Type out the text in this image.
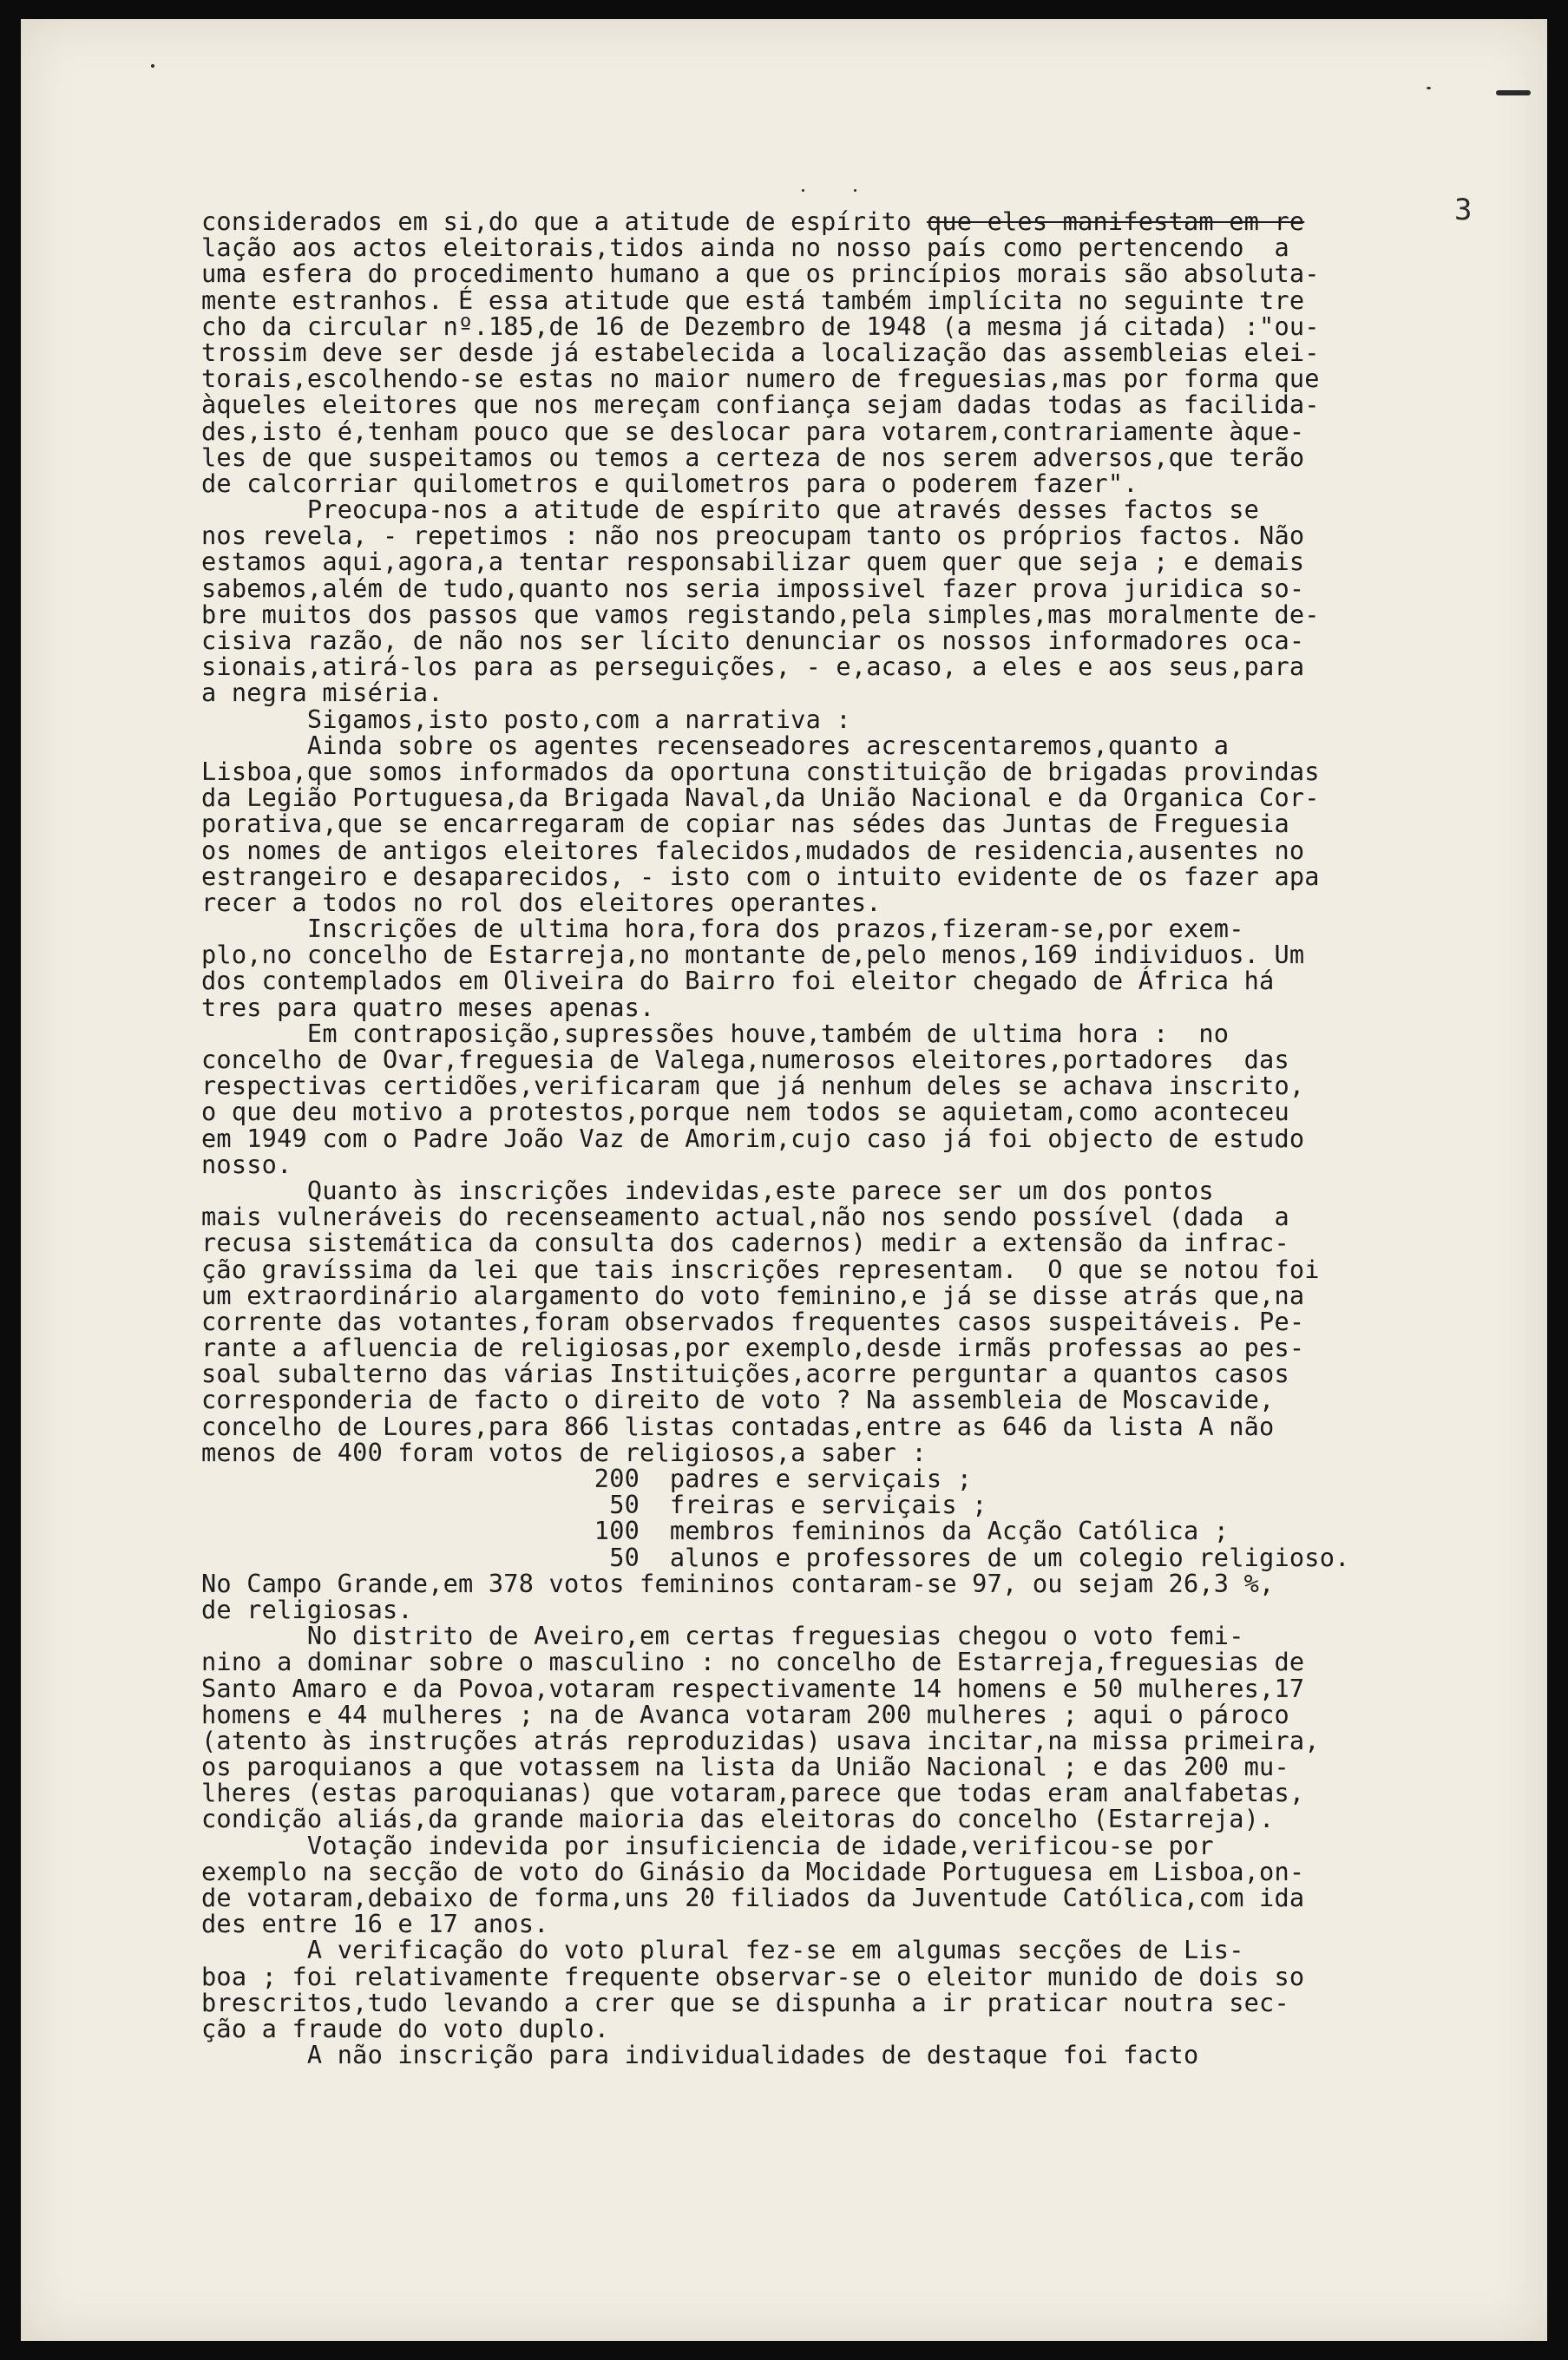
3
considerados em si,do que a atitude de espírito que eles manifestam em re
lação aos actos eleitorais,tidos ainda no nosso país como pertencendo  a
uma esfera do procedimento humano a que os princípios morais são absoluta-
mente estranhos. É essa atitude que está também implícita no seguinte tre
cho da circular nº.185,de 16 de Dezembro de 1948 (a mesma já citada) :"ou-
trossim deve ser desde já estabelecida a localização das assembleias elei-
torais,escolhendo-se estas no maior numero de freguesias,mas por forma que
àqueles eleitores que nos mereçam confiança sejam dadas todas as facilida-
des,isto é,tenham pouco que se deslocar para votarem,contrariamente àque-
les de que suspeitamos ou temos a certeza de nos serem adversos,que terão
de calcorriar quilometros e quilometros para o poderem fazer".
Preocupa-nos a atitude de espírito que através desses factos se
nos revela, - repetimos : não nos preocupam tanto os próprios factos. Não
estamos aqui,agora,a tentar responsabilizar quem quer que seja ; e demais
sabemos,além de tudo,quanto nos seria impossivel fazer prova juridica so-
bre muitos dos passos que vamos registando,pela simples,mas moralmente de-
cisiva razão, de não nos ser lícito denunciar os nossos informadores oca-
sionais,atirá-los para as perseguições, - e,acaso, a eles e aos seus,para
a negra miséria.
Sigamos,isto posto,com a narrativa :
Ainda sobre os agentes recenseadores acrescentaremos,quanto a
Lisboa,que somos informados da oportuna constituição de brigadas provindas
da Legião Portuguesa,da Brigada Naval,da União Nacional e da Organica Cor-
porativa,que se encarregaram de copiar nas sédes das Juntas de Freguesia
os nomes de antigos eleitores falecidos,mudados de residencia,ausentes no
estrangeiro e desaparecidos, - isto com o intuito evidente de os fazer apa
recer a todos no rol dos eleitores operantes.
Inscrições de ultima hora,fora dos prazos,fizeram-se,por exem-
plo,no concelho de Estarreja,no montante de,pelo menos,169 individuos. Um
dos contemplados em Oliveira do Bairro foi eleitor chegado de África há
tres para quatro meses apenas.
Em contraposição,supressões houve,também de ultima hora :  no
concelho de Ovar,freguesia de Valega,numerosos eleitores,portadores  das
respectivas certidões,verificaram que já nenhum deles se achava inscrito,
o que deu motivo a protestos,porque nem todos se aquietam,como aconteceu
em 1949 com o Padre João Vaz de Amorim,cujo caso já foi objecto de estudo
nosso.
Quanto às inscrições indevidas,este parece ser um dos pontos
mais vulneráveis do recenseamento actual,não nos sendo possível (dada  a
recusa sistemática da consulta dos cadernos) medir a extensão da infrac-
ção gravíssima da lei que tais inscrições representam.  O que se notou foi
um extraordinário alargamento do voto feminino,e já se disse atrás que,na
corrente das votantes,foram observados frequentes casos suspeitáveis. Pe-
rante a afluencia de religiosas,por exemplo,desde irmãs professas ao pes-
soal subalterno das várias Instituições,acorre perguntar a quantos casos
corresponderia de facto o direito de voto ? Na assembleia de Moscavide,
concelho de Loures,para 866 listas contadas,entre as 646 da lista A não
menos de 400 foram votos de religiosos,a saber :
200  padres e serviçais ;
50  freiras e serviçais ;
100  membros femininos da Acção Católica ;
50  alunos e professores de um colegio religioso.
No Campo Grande,em 378 votos femininos contaram-se 97, ou sejam 26,3 %,
de religiosas.
No distrito de Aveiro,em certas freguesias chegou o voto femi-
nino a dominar sobre o masculino : no concelho de Estarreja,freguesias de
Santo Amaro e da Povoa,votaram respectivamente 14 homens e 50 mulheres,17
homens e 44 mulheres ; na de Avanca votaram 200 mulheres ; aqui o pároco
(atento às instruções atrás reproduzidas) usava incitar,na missa primeira,
os paroquianos a que votassem na lista da União Nacional ; e das 200 mu-
lheres (estas paroquianas) que votaram,parece que todas eram analfabetas,
condição aliás,da grande maioria das eleitoras do concelho (Estarreja).
Votação indevida por insuficiencia de idade,verificou-se por
exemplo na secção de voto do Ginásio da Mocidade Portuguesa em Lisboa,on-
de votaram,debaixo de forma,uns 20 filiados da Juventude Católica,com ida
des entre 16 e 17 anos.
A verificação do voto plural fez-se em algumas secções de Lis-
boa ; foi relativamente frequente observar-se o eleitor munido de dois so
brescritos,tudo levando a crer que se dispunha a ir praticar noutra sec-
ção a fraude do voto duplo.
A não inscrição para individualidades de destaque foi facto
